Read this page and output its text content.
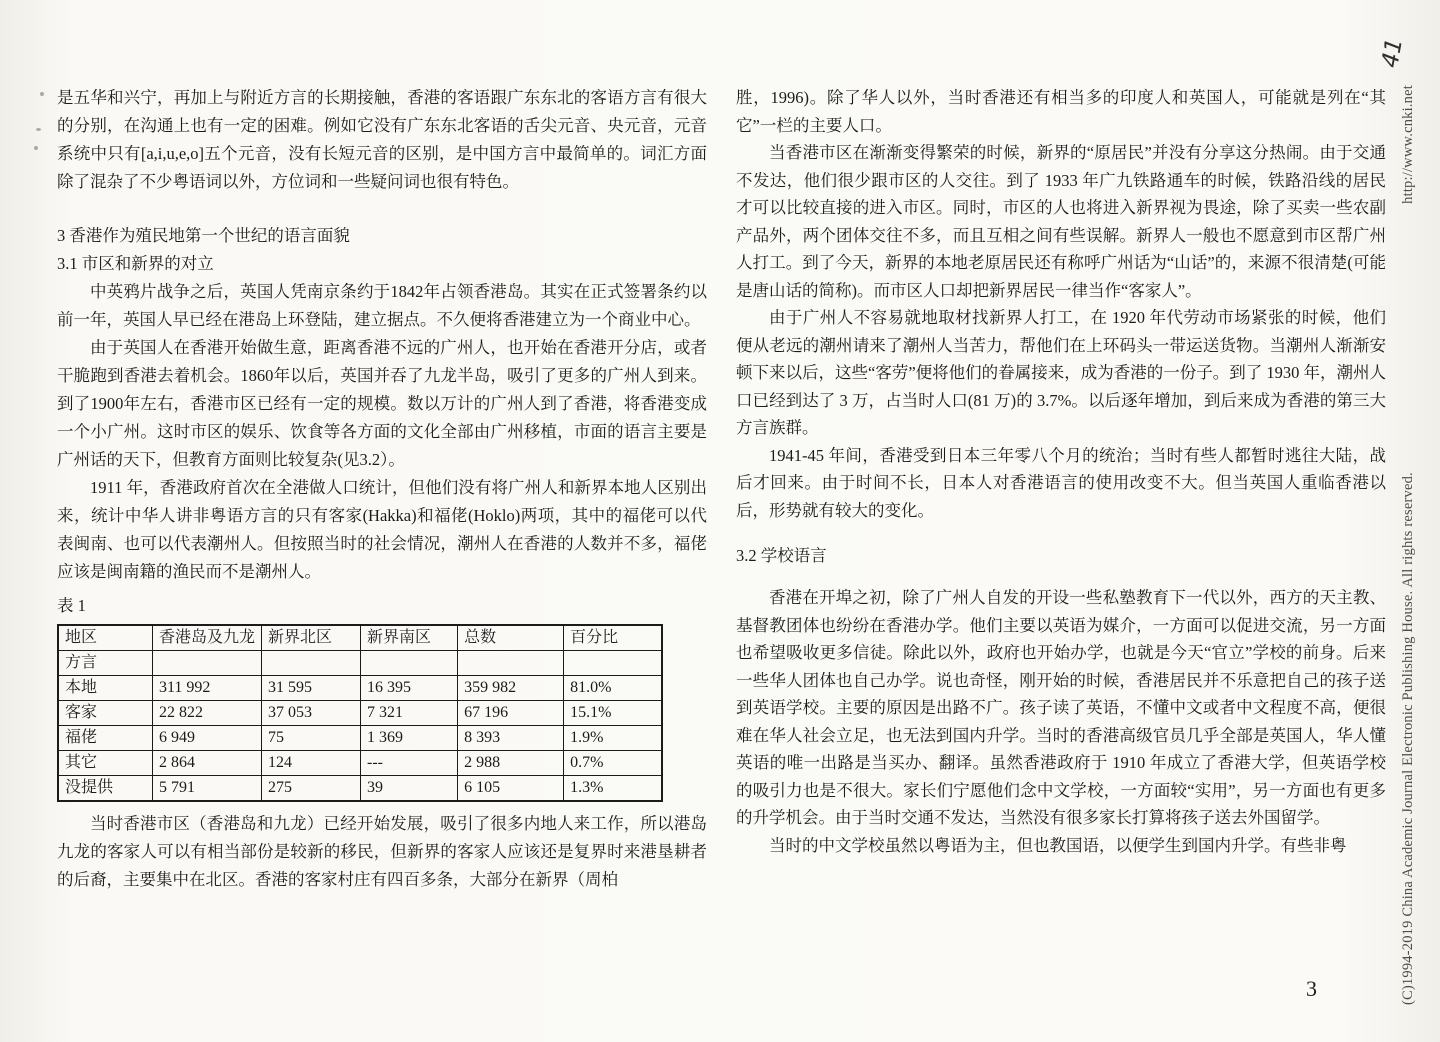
是五华和兴宁，再加上与附近方言的长期接触，香港的客语跟广东东北的客语方言有很大的分别，在沟通上也有一定的困难。例如它没有广东东北客语的舌尖元音、央元音，元音系统中只有[a,i,u,e,o]五个元音，没有长短元音的区别，是中国方言中最简单的。词汇方面除了混杂了不少粤语词以外，方位词和一些疑问词也很有特色。

3 香港作为殖民地第一个世纪的语言面貌
3.1 市区和新界的对立

中英鸦片战争之后，英国人凭南京条约于1842年占领香港岛。其实在正式签署条约以前一年，英国人早已经在港岛上环登陆，建立据点。不久便将香港建立为一个商业中心。

由于英国人在香港开始做生意，距离香港不远的广州人，也开始在香港开分店，或者干脆跑到香港去着机会。1860年以后，英国并吞了九龙半岛，吸引了更多的广州人到来。到了1900年左右，香港市区已经有一定的规模。数以万计的广州人到了香港，将香港变成一个小广州。这时市区的娱乐、饮食等各方面的文化全部由广州移植，市面的语言主要是广州话的天下，但教育方面则比较复杂(见3.2）。

1911 年，香港政府首次在全港做人口统计，但他们没有将广州人和新界本地人区别出来，统计中华人讲非粤语方言的只有客家(Hakka)和福佬(Hoklo)两项，其中的福佬可以代表闽南、也可以代表潮州人。但按照当时的社会情况，潮州人在香港的人数并不多，福佬应该是闽南籍的渔民而不是潮州人。

表 1
地区	香港岛及九龙	新界北区	新界南区	总数	百分比
方言					
本地	311 992	31 595	16 395	359 982	81.0%
客家	22 822	37 053	7 321	67 196	15.1%
福佬	6 949	75	1 369	8 393	1.9%
其它	2 864	124	---	2 988	0.7%
没提供	5 791	275	39	6 105	1.3%

当时香港市区（香港岛和九龙）已经开始发展，吸引了很多内地人来工作，所以港岛九龙的客家人可以有相当部份是较新的移民，但新界的客家人应该还是复界时来港垦耕者的后裔，主要集中在北区。香港的客家村庄有四百多条，大部分在新界（周柏

胜，1996)。除了华人以外，当时香港还有相当多的印度人和英国人，可能就是列在“其它”一栏的主要人口。

当香港市区在渐渐变得繁荣的时候，新界的“原居民”并没有分享这分热闹。由于交通不发达，他们很少跟市区的人交往。到了 1933 年广九铁路通车的时候，铁路沿线的居民才可以比较直接的进入市区。同时，市区的人也将进入新界视为畏途，除了买卖一些农副产品外，两个团体交往不多，而且互相之间有些误解。新界人一般也不愿意到市区帮广州人打工。到了今天，新界的本地老原居民还有称呼广州话为“山话”的，来源不很清楚(可能是唐山话的简称)。而市区人口却把新界居民一律当作“客家人”。

由于广州人不容易就地取材找新界人打工，在 1920 年代劳动市场紧张的时候，他们便从老远的潮州请来了潮州人当苦力，帮他们在上环码头一带运送货物。当潮州人渐渐安顿下来以后，这些“客劳”便将他们的眷属接来，成为香港的一份子。到了 1930 年，潮州人口已经到达了 3 万，占当时人口(81 万)的 3.7%。以后逐年增加，到后来成为香港的第三大方言族群。

1941-45 年间，香港受到日本三年零八个月的统治；当时有些人都暂时逃往大陆，战后才回来。由于时间不长，日本人对香港语言的使用改变不大。但当英国人重临香港以后，形势就有较大的变化。

3.2 学校语言

香港在开埠之初，除了广州人自发的开设一些私塾教育下一代以外，西方的天主教、基督教团体也纷纷在香港办学。他们主要以英语为媒介，一方面可以促进交流，另一方面也希望吸收更多信徒。除此以外，政府也开始办学，也就是今天“官立”学校的前身。后来一些华人团体也自己办学。说也奇怪，刚开始的时候，香港居民并不乐意把自己的孩子送到英语学校。主要的原因是出路不广。孩子读了英语，不懂中文或者中文程度不高，便很难在华人社会立足，也无法到国内升学。当时的香港高级官员几乎全部是英国人，华人懂英语的唯一出路是当买办、翻译。虽然香港政府于 1910 年成立了香港大学，但英语学校的吸引力也是不很大。家长们宁愿他们念中文学校，一方面较“实用”，另一方面也有更多的升学机会。由于当时交通不发达，当然没有很多家长打算将孩子送去外国留学。

当时的中文学校虽然以粤语为主，但也教国语，以便学生到国内升学。有些非粤	(C)1994-2019 China Academic Journal Electronic Publishing House. All rights reserved.
http://www.cnki.net
41
3
